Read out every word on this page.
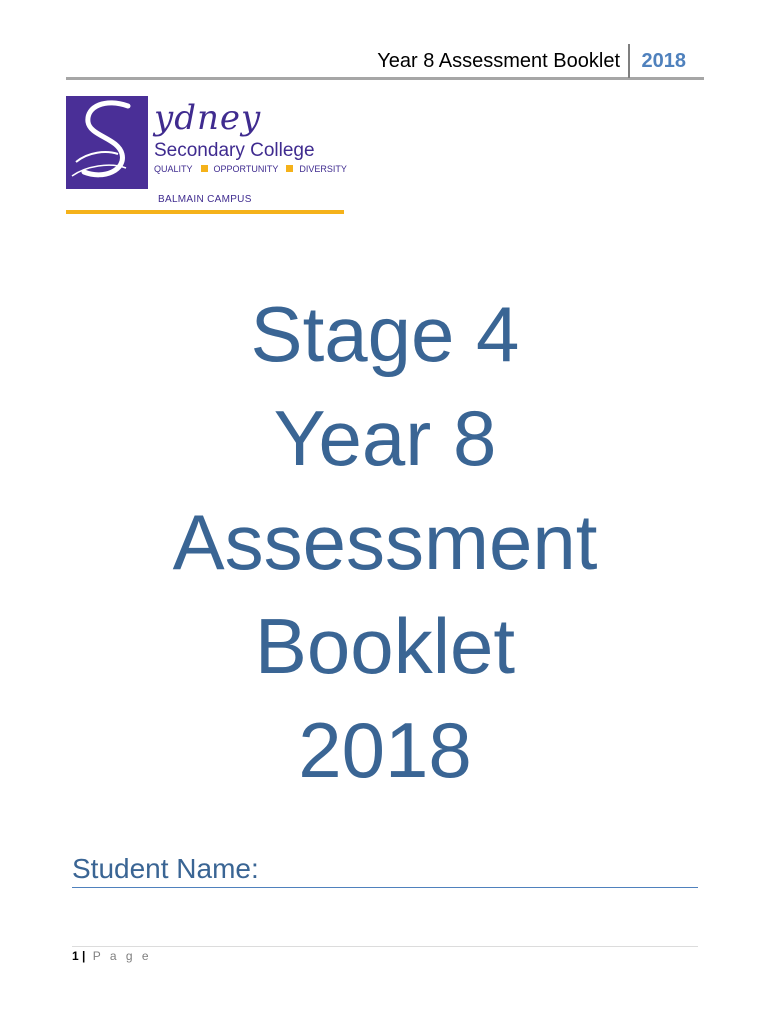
Year 8 Assessment Booklet 2018
ydney
Secondary College
QUALITY OPPORTUNITY DIVERSITY
BALMAIN CAMPUS
Stage 4
Year 8
Assessment
Booklet
2018
Student Name:
1 | P a g e
